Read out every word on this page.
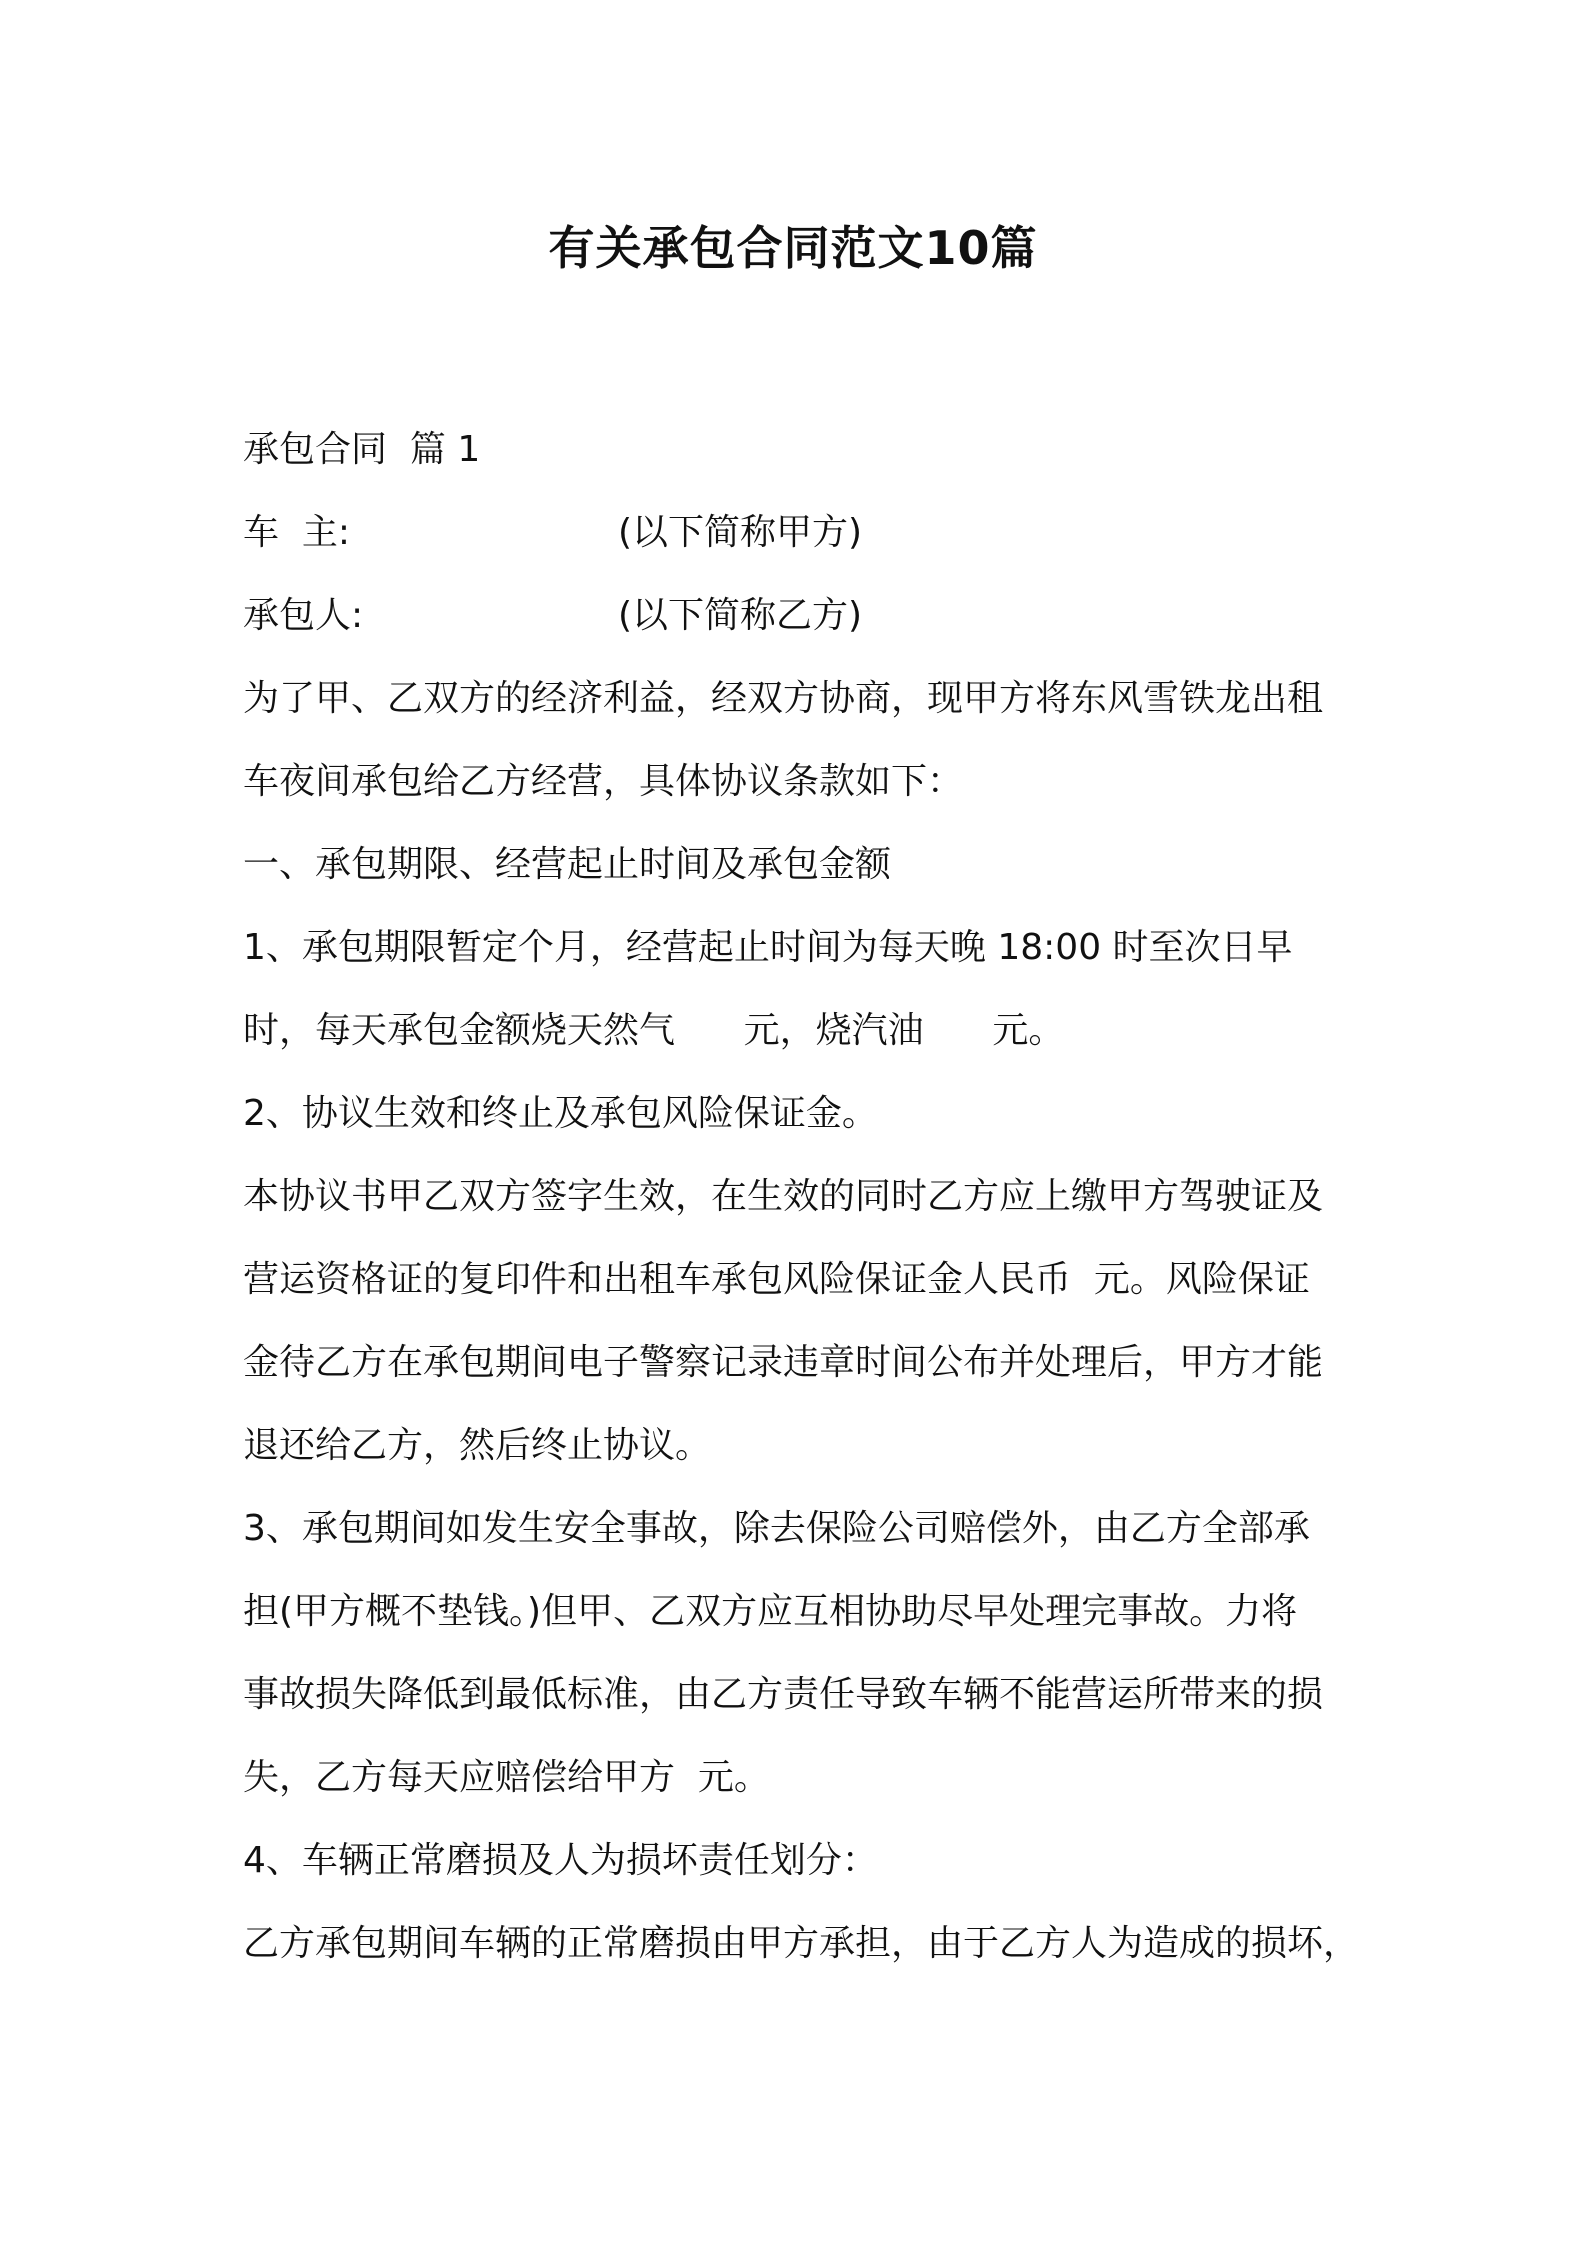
有关承包合同范文10篇

承包合同  篇 1

车  主:	(以下简称甲方)
承包人:	(以下简称乙方)

为了甲、乙双方的经济利益，经双方协商，现甲方将东风雪铁龙出租

车夜间承包给乙方经营，具体协议条款如下：

一、承包期限、经营起止时间及承包金额

1、承包期限暂定个月，经营起止时间为每天晚 18:00 时至次日早

时，每天承包金额烧天然气      元，烧汽油      元。

2、协议生效和终止及承包风险保证金。

本协议书甲乙双方签字生效，在生效的同时乙方应上缴甲方驾驶证及

营运资格证的复印件和出租车承包风险保证金人民币  元。风险保证

金待乙方在承包期间电子警察记录违章时间公布并处理后，甲方才能

退还给乙方，然后终止协议。

3、承包期间如发生安全事故，除去保险公司赔偿外，由乙方全部承

担(甲方概不垫钱。)但甲、乙双方应互相协助尽早处理完事故。力将

事故损失降低到最低标准，由乙方责任导致车辆不能营运所带来的损

失，乙方每天应赔偿给甲方  元。

4、车辆正常磨损及人为损坏责任划分：

乙方承包期间车辆的正常磨损由甲方承担，由于乙方人为造成的损坏，
